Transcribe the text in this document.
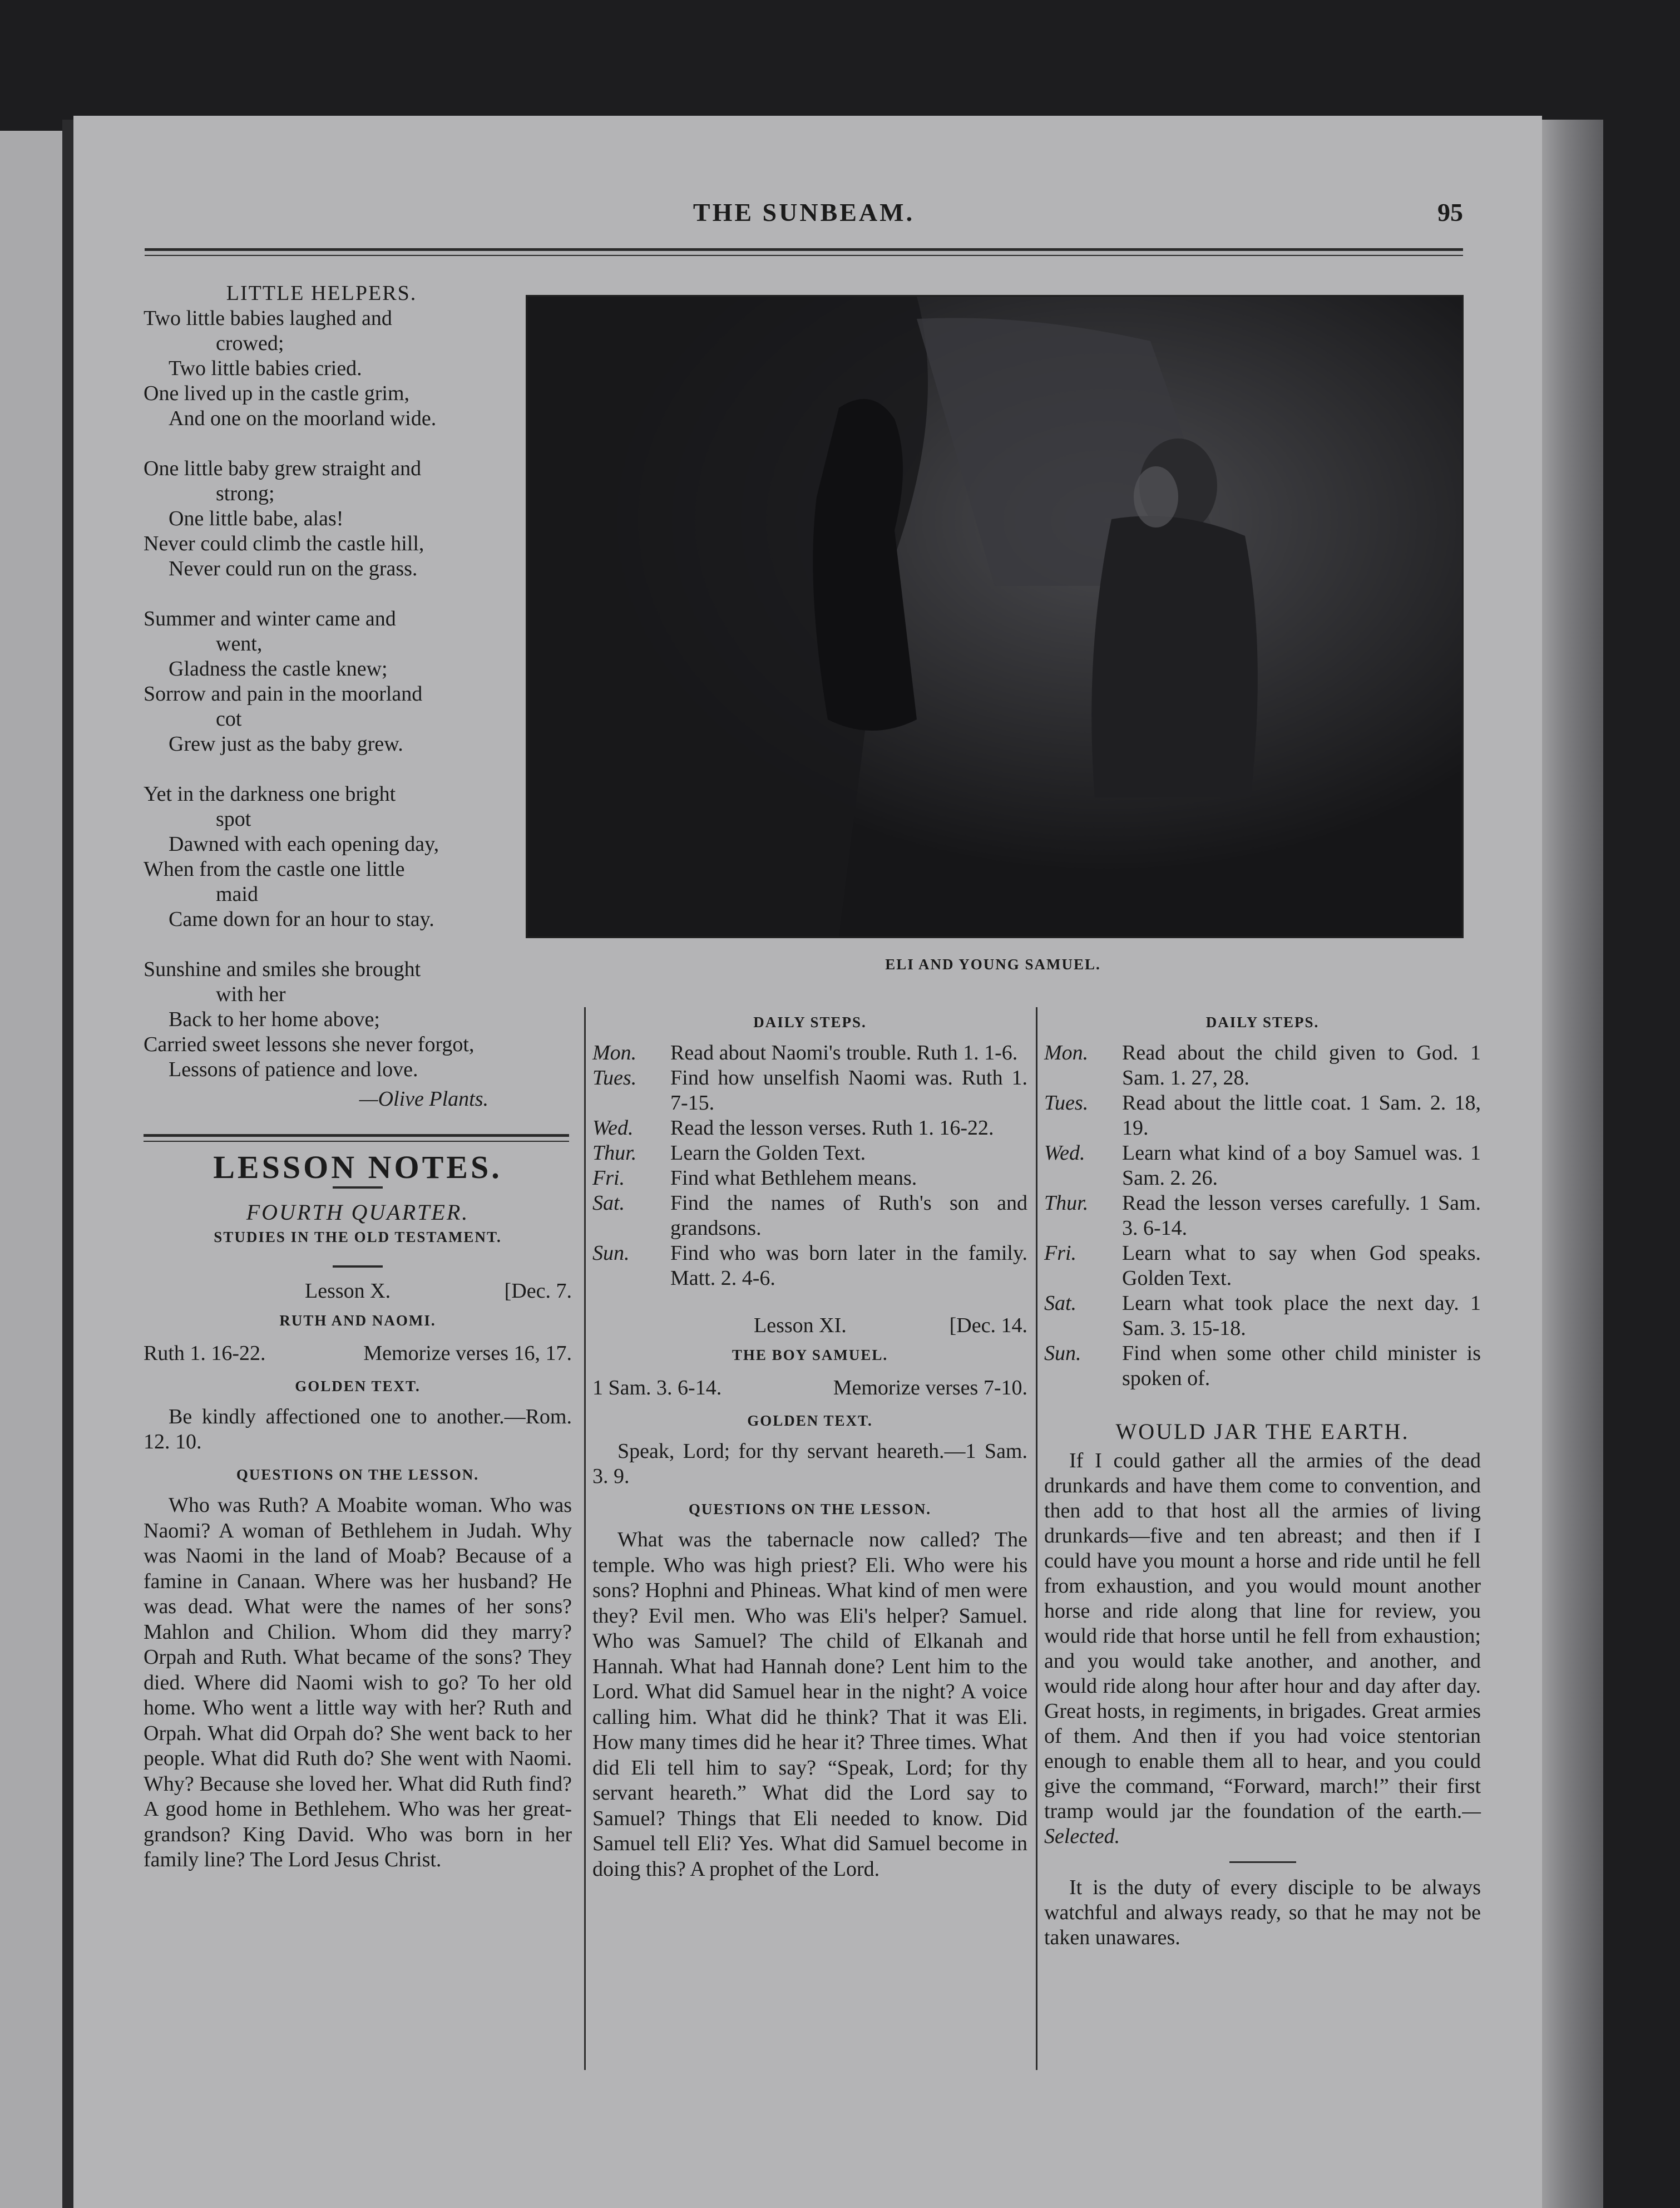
THE SUNBEAM.	95
LITTLE HELPERS.
Two little babies laughed and
crowed;
Two little babies cried.
One lived up in the castle grim,
And one on the moorland wide.
One little baby grew straight and
strong;
One little babe, alas!
Never could climb the castle hill,
Never could run on the grass.
Summer and winter came and
went,
Gladness the castle knew;
Sorrow and pain in the moorland
cot
Grew just as the baby grew.
Yet in the darkness one bright
spot
Dawned with each opening day,
When from the castle one little
maid
Came down for an hour to stay.
Sunshine and smiles she brought
with her
Back to her home above;
Carried sweet lessons she never forgot,
Lessons of patience and love.
—Olive Plants.
ELI AND YOUNG SAMUEL.
LESSON NOTES.
FOURTH QUARTER.
STUDIES IN THE OLD TESTAMENT.
Lesson X.	[Dec. 7.
RUTH AND NAOMI.
Ruth 1. 16-22.	Memorize verses 16, 17.
GOLDEN TEXT.

Be kindly affectioned one to another.—Rom. 12. 10.

QUESTIONS ON THE LESSON.

Who was Ruth? A Moabite woman. Who was Naomi? A woman of Bethlehem in Judah. Why was Naomi in the land of Moab? Because of a famine in Canaan. Where was her husband? He was dead. What were the names of her sons? Mahlon and Chilion. Whom did they marry? Orpah and Ruth. What became of the sons? They died. Where did Naomi wish to go? To her old home. Who went a little way with her? Ruth and Orpah. What did Orpah do? She went back to her people. What did Ruth do? She went with Naomi. Why? Because she loved her. What did Ruth find? A good home in Bethlehem. Who was her great-grandson? King David. Who was born in her family line? The Lord Jesus Christ.

DAILY STEPS.
Mon.	Read about Naomi's trouble. Ruth 1. 1-6.
Tues.	Find how unselfish Naomi was. Ruth 1. 7-15.
Wed.	Read the lesson verses. Ruth 1. 16-22.
Thur.	Learn the Golden Text.
Fri.	Find what Bethlehem means.
Sat.	Find the names of Ruth's son and grandsons.
Sun.	Find who was born later in the family. Matt. 2. 4-6.
Lesson XI.	[Dec. 14.
THE BOY SAMUEL.
1 Sam. 3. 6-14.	Memorize verses 7-10.
GOLDEN TEXT.

Speak, Lord; for thy servant heareth.—1 Sam. 3. 9.

QUESTIONS ON THE LESSON.

What was the tabernacle now called? The temple. Who was high priest? Eli. Who were his sons? Hophni and Phineas. What kind of men were they? Evil men. Who was Eli's helper? Samuel. Who was Samuel? The child of Elkanah and Hannah. What had Hannah done? Lent him to the Lord. What did Samuel hear in the night? A voice calling him. What did he think? That it was Eli. How many times did he hear it? Three times. What did Eli tell him to say? “Speak, Lord; for thy servant heareth.” What did the Lord say to Samuel? Things that Eli needed to know. Did Samuel tell Eli? Yes. What did Samuel become in doing this? A prophet of the Lord.

DAILY STEPS.
Mon.	Read about the child given to God. 1 Sam. 1. 27, 28.
Tues.	Read about the little coat. 1 Sam. 2. 18, 19.
Wed.	Learn what kind of a boy Samuel was. 1 Sam. 2. 26.
Thur.	Read the lesson verses carefully. 1 Sam. 3. 6-14.
Fri.	Learn what to say when God speaks. Golden Text.
Sat.	Learn what took place the next day. 1 Sam. 3. 15-18.
Sun.	Find when some other child minister is spoken of.
WOULD JAR THE EARTH.

If I could gather all the armies of the dead drunkards and have them come to convention, and then add to that host all the armies of living drunkards—five and ten abreast; and then if I could have you mount a horse and ride until he fell from exhaustion, and you would mount another horse and ride along that line for review, you would ride that horse until he fell from exhaustion; and you would take another, and another, and would ride along hour after hour and day after day. Great hosts, in regiments, in brigades. Great armies of them. And then if you had voice stentorian enough to enable them all to hear, and you could give the command, “Forward, march!” their first tramp would jar the foundation of the earth.—Selected.

It is the duty of every disciple to be always watchful and always ready, so that he may not be taken unawares.
